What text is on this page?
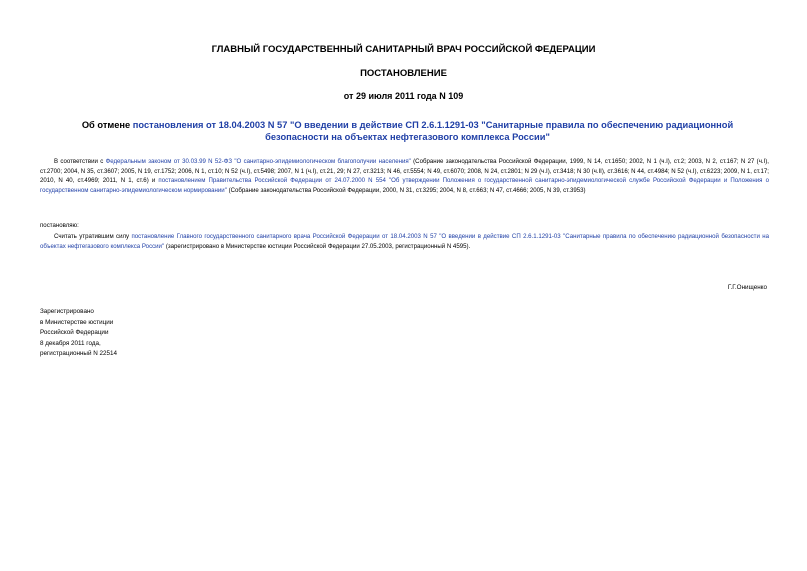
ГЛАВНЫЙ ГОСУДАРСТВЕННЫЙ САНИТАРНЫЙ ВРАЧ РОССИЙСКОЙ ФЕДЕРАЦИИ
ПОСТАНОВЛЕНИЕ
от 29 июля 2011 года N 109
Об отмене постановления от 18.04.2003 N 57 "О введении в действие СП 2.6.1.1291-03 "Санитарные правила по обеспечению радиационной безопасности на объектах нефтегазового комплекса России"
В соответствии с Федеральным законом от 30.03.99 N 52-ФЗ "О санитарно-эпидемиологическом благополучии населения" (Собрание законодательства Российской Федерации, 1999, N 14, ст.1650; 2002, N 1 (ч.I), ст.2; 2003, N 2, ст.167; N 27 (ч.I), ст.2700; 2004, N 35, ст.3607; 2005, N 19, ст.1752; 2006, N 1, ст.10; N 52 (ч.I), ст.5498; 2007, N 1 (ч.I), ст.21, 29; N 27, ст.3213; N 46, ст.5554; N 49, ст.6070; 2008, N 24, ст.2801; N 29 (ч.I), ст.3418; N 30 (ч.II), ст.3616; N 44, ст.4984; N 52 (ч.I), ст.6223; 2009, N 1, ст.17; 2010, N 40, ст.4969; 2011, N 1, ст.6) и постановлением Правительства Российской Федерации от 24.07.2000 N 554 "Об утверждении Положения о государственной санитарно-эпидемиологической службе Российской Федерации и Положения о государственном санитарно-эпидемиологическом нормировании" (Собрание законодательства Российской Федерации, 2000, N 31, ст.3295; 2004, N 8, ст.663; N 47, ст.4666; 2005, N 39, ст.3953)
постановляю:
Считать утратившим силу постановление Главного государственного санитарного врача Российской Федерации от 18.04.2003 N 57 "О введении в действие СП 2.6.1.1291-03 "Санитарные правила по обеспечению радиационной безопасности на объектах нефтегазового комплекса России" (зарегистрировано в Министерстве юстиции Российской Федерации 27.05.2003, регистрационный N 4595).
Г.Г.Онищенко
Зарегистрировано
в Министерстве юстиции
Российской Федерации
8 декабря 2011 года,
регистрационный N 22514
